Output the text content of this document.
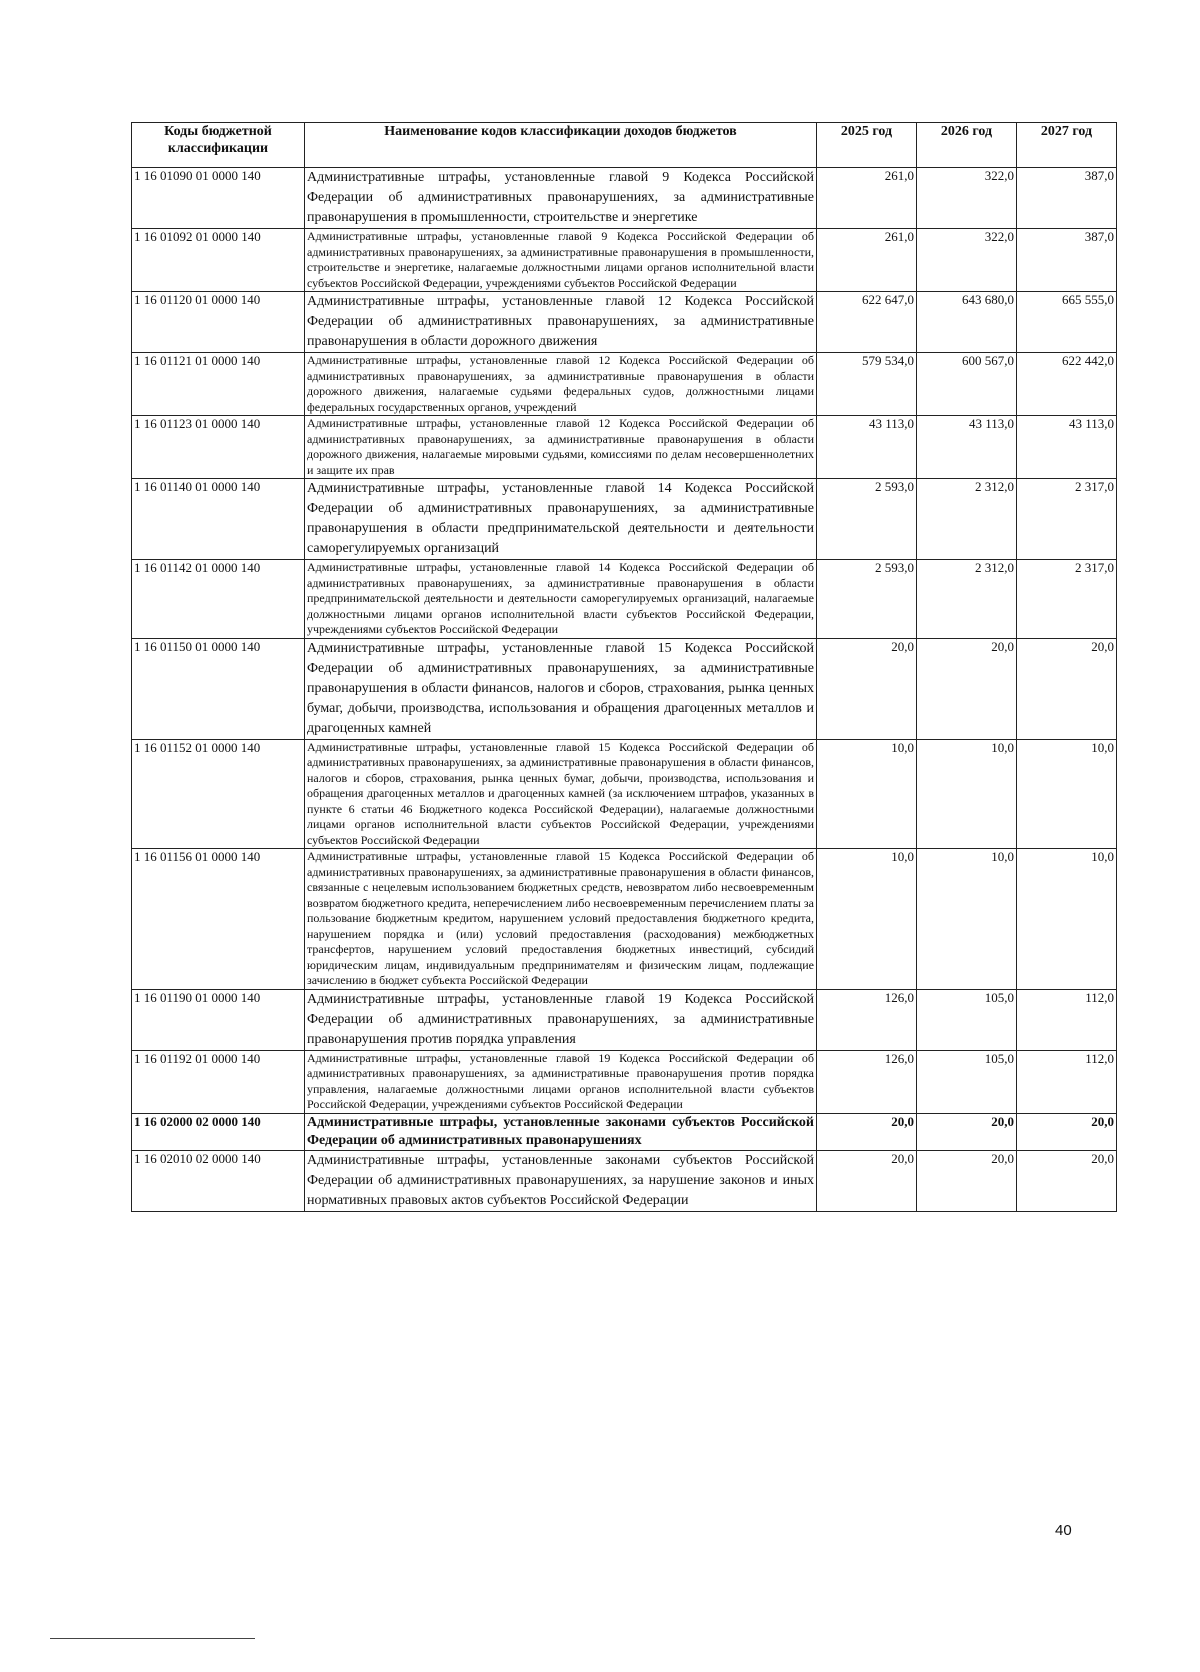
Коды бюджетной классификации	Наименование кодов классификации доходов бюджетов	2025 год	2026 год	2027 год
1 16 01090 01 0000 140	Административные штрафы, установленные главой 9 Кодекса Российской Федерации об административных правонарушениях, за административные правонарушения в промышленности, строительстве и энергетике	261,0	322,0	387,0
1 16 01092 01 0000 140	Административные штрафы, установленные главой 9 Кодекса Российской Федерации об административных правонарушениях, за административные правонарушения в промышленности, строительстве и энергетике, налагаемые должностными лицами органов исполнительной власти субъектов Российской Федерации, учреждениями субъектов Российской Федерации	261,0	322,0	387,0
1 16 01120 01 0000 140	Административные штрафы, установленные главой 12 Кодекса Российской Федерации об административных правонарушениях, за административные правонарушения в области дорожного движения	622 647,0	643 680,0	665 555,0
1 16 01121 01 0000 140	Административные штрафы, установленные главой 12 Кодекса Российской Федерации об административных правонарушениях, за административные правонарушения в области дорожного движения, налагаемые судьями федеральных судов, должностными лицами федеральных государственных органов, учреждений	579 534,0	600 567,0	622 442,0
1 16 01123 01 0000 140	Административные штрафы, установленные главой 12 Кодекса Российской Федерации об административных правонарушениях, за административные правонарушения в области дорожного движения, налагаемые мировыми судьями, комиссиями по делам несовершеннолетних и защите их прав	43 113,0	43 113,0	43 113,0
1 16 01140 01 0000 140	Административные штрафы, установленные главой 14 Кодекса Российской Федерации об административных правонарушениях, за административные правонарушения в области предпринимательской деятельности и деятельности саморегулируемых организаций	2 593,0	2 312,0	2 317,0
1 16 01142 01 0000 140	Административные штрафы, установленные главой 14 Кодекса Российской Федерации об административных правонарушениях, за административные правонарушения в области предпринимательской деятельности и деятельности саморегулируемых организаций, налагаемые должностными лицами органов исполнительной власти субъектов Российской Федерации, учреждениями субъектов Российской Федерации	2 593,0	2 312,0	2 317,0
1 16 01150 01 0000 140	Административные штрафы, установленные главой 15 Кодекса Российской Федерации об административных правонарушениях, за административные правонарушения в области финансов, налогов и сборов, страхования, рынка ценных бумаг, добычи, производства, использования и обращения драгоценных металлов и драгоценных камней	20,0	20,0	20,0
1 16 01152 01 0000 140	Административные штрафы, установленные главой 15 Кодекса Российской Федерации об административных правонарушениях, за административные правонарушения в области финансов, налогов и сборов, страхования, рынка ценных бумаг, добычи, производства, использования и обращения драгоценных металлов и драгоценных камней (за исключением штрафов, указанных в пункте 6 статьи 46 Бюджетного кодекса Российской Федерации), налагаемые должностными лицами органов исполнительной власти субъектов Российской Федерации, учреждениями субъектов Российской Федерации	10,0	10,0	10,0
1 16 01156 01 0000 140	Административные штрафы, установленные главой 15 Кодекса Российской Федерации об административных правонарушениях, за административные правонарушения в области финансов, связанные с нецелевым использованием бюджетных средств, невозвратом либо несвоевременным возвратом бюджетного кредита, неперечислением либо несвоевременным перечислением платы за пользование бюджетным кредитом, нарушением условий предоставления бюджетного кредита, нарушением порядка и (или) условий предоставления (расходования) межбюджетных трансфертов, нарушением условий предоставления бюджетных инвестиций, субсидий юридическим лицам, индивидуальным предпринимателям и физическим лицам, подлежащие зачислению в бюджет субъекта Российской Федерации	10,0	10,0	10,0
1 16 01190 01 0000 140	Административные штрафы, установленные главой 19 Кодекса Российской Федерации об административных правонарушениях, за административные правонарушения против порядка управления	126,0	105,0	112,0
1 16 01192 01 0000 140	Административные штрафы, установленные главой 19 Кодекса Российской Федерации об административных правонарушениях, за административные правонарушения против порядка управления, налагаемые должностными лицами органов исполнительной власти субъектов Российской Федерации, учреждениями субъектов Российской Федерации	126,0	105,0	112,0
1 16 02000 02 0000 140	Административные штрафы, установленные законами субъектов Российской Федерации об административных правонарушениях	20,0	20,0	20,0
1 16 02010 02 0000 140	Административные штрафы, установленные законами субъектов Российской Федерации об административных правонарушениях, за нарушение законов и иных нормативных правовых актов субъектов Российской Федерации	20,0	20,0	20,0
40
